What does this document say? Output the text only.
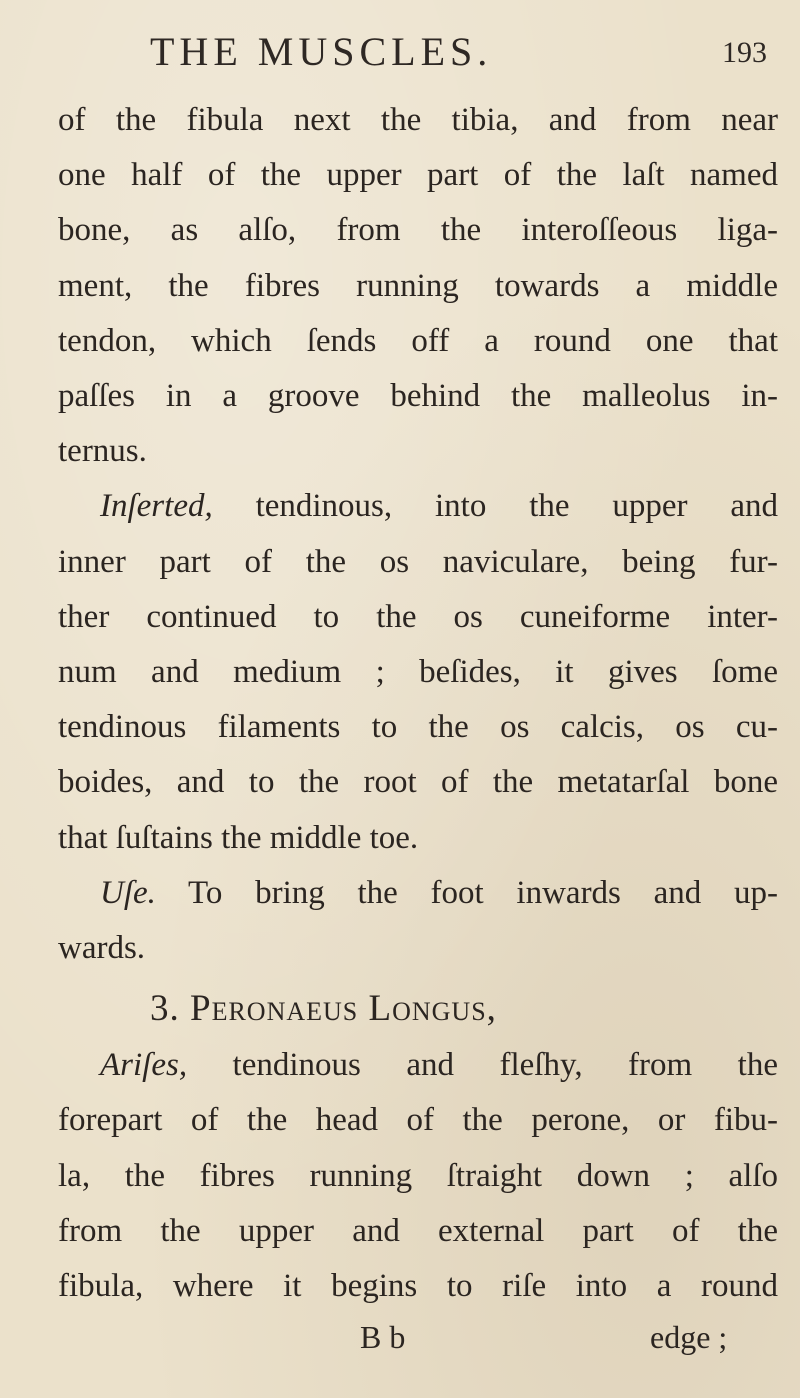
THE MUSCLES.	193
of the fibula next the tibia, and from near
one half of the upper part of the laſt named
bone, as alſo, from the interoſſeous liga-
ment, the fibres running towards a middle
tendon, which ſends off a round one that
paſſes in a groove behind the malleolus in-
ternus.
Inſerted, tendinous, into the upper and
inner part of the os naviculare, being fur-
ther continued to the os cuneiforme inter-
num and medium ; beſides, it gives ſome
tendinous filaments to the os calcis, os cu-
boides, and to the root of the metatarſal bone
that ſuſtains the middle toe.
Uſe. To bring the foot inwards and up-
wards.
3. Peronaeus Longus,
Ariſes, tendinous and fleſhy, from the
forepart of the head of the perone, or fibu-
la, the fibres running ſtraight down ; alſo
from the upper and external part of the
B b	edge ;
fibula, where it begins to riſe into a round
